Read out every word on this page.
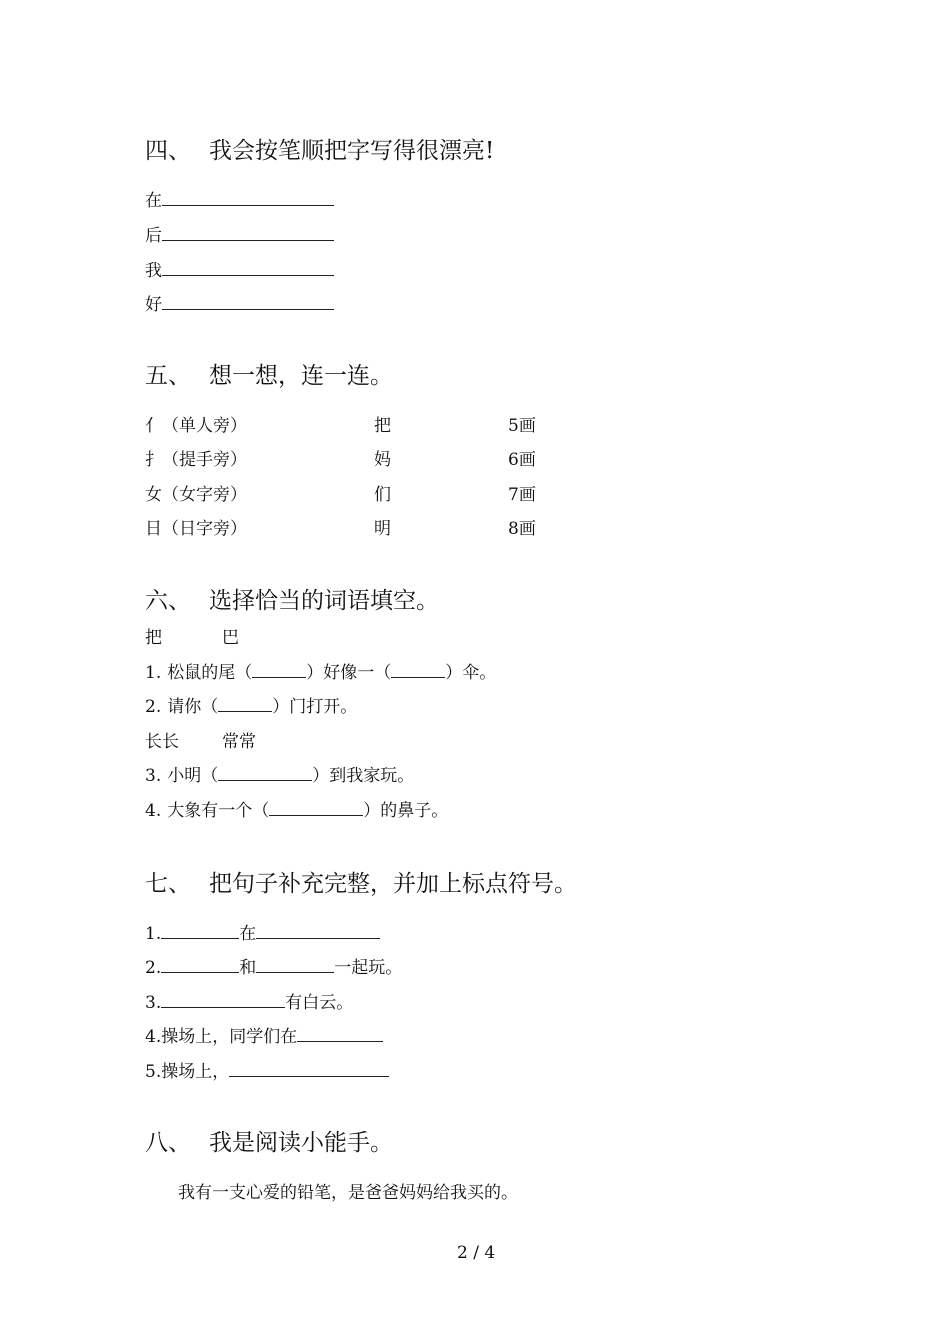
四、 我会按笔顺把字写得很漂亮!
在
后
我
好
五、 想一想，连一连。
亻（单人旁）	把	5画
扌（提手旁）	妈	6画
女（女字旁）	们	7画
日（日字旁）	明	8画
六、 选择恰当的词语填空。
把	巴
1. 松鼠的尾（	）好像一（	）伞。
2. 请你（	）门打开。
长长	常常
3. 小明（	）到我家玩。
4. 大象有一个（	）的鼻子。
七、 把句子补充完整，并加上标点符号。
1.	在
2.	和	一起玩。
3.	有白云。
4.操场上，同学们在
5.操场上，
八、 我是阅读小能手。
我有一支心爱的铅笔，是爸爸妈妈给我买的。
2 / 4
